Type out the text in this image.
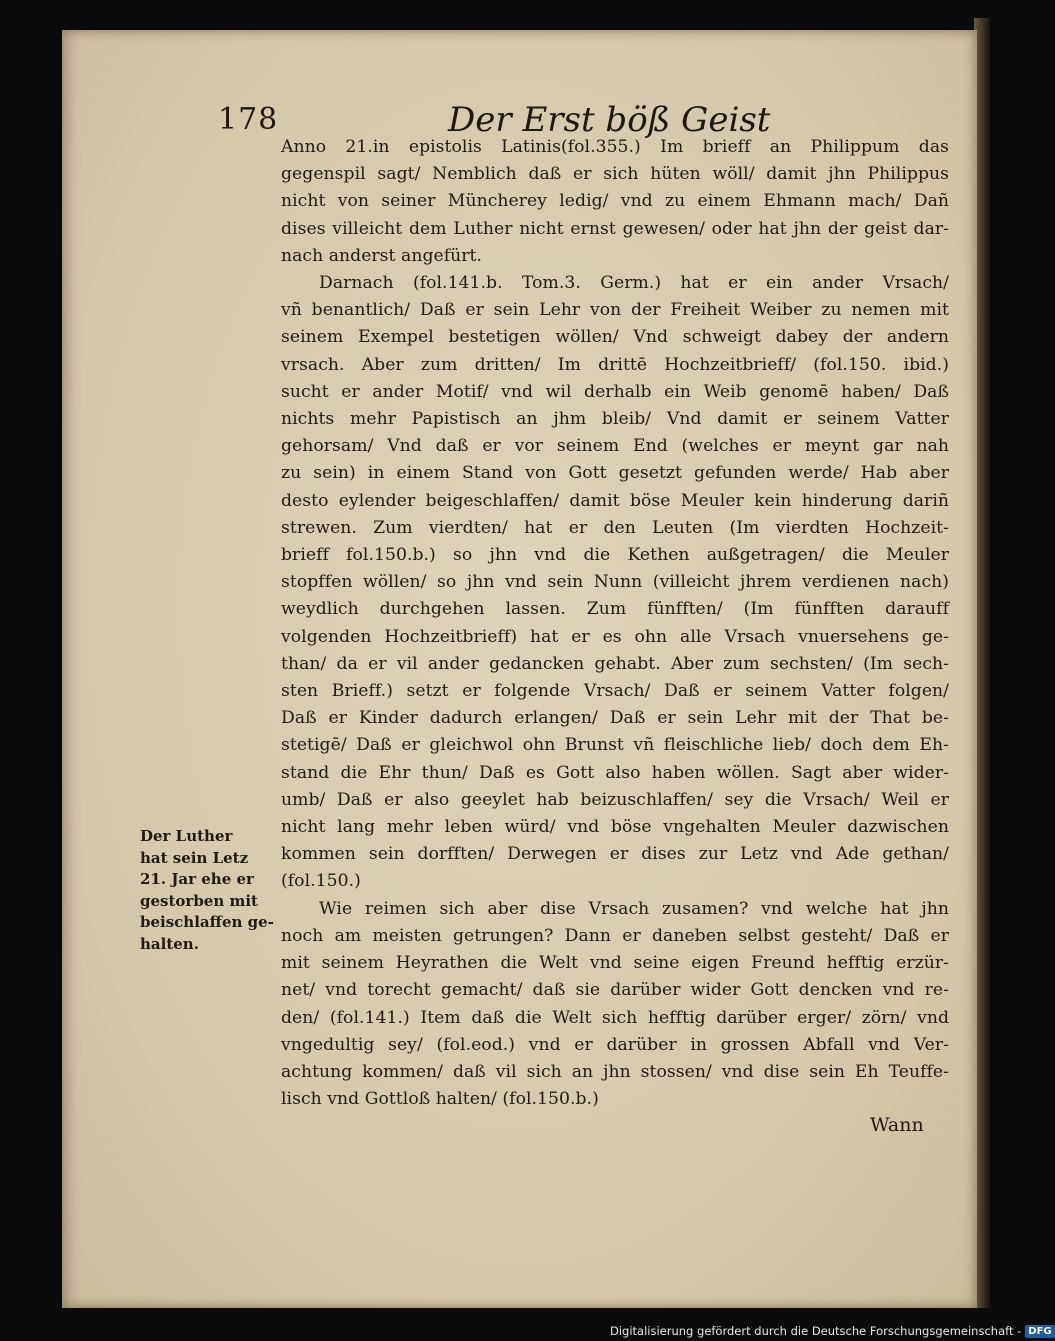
178	Der Erst böß Geist
Anno 21.in epistolis Latinis(fol.355.) Im brieff an Philippum das
gegenspil sagt/ Nemblich daß er sich hüten wöll/ damit jhn Philippus
nicht von seiner Müncherey ledig/ vnd zu einem Ehmann mach/ Dañ
dises villeicht dem Luther nicht ernst gewesen/ oder hat jhn der geist dar-
nach anderst angefürt.
Darnach (fol.141.b. Tom.3. Germ.) hat er ein ander Vrsach/
vñ benantlich/ Daß er sein Lehr von der Freiheit Weiber zu nemen mit
seinem Exempel bestetigen wöllen/ Vnd schweigt dabey der andern
vrsach. Aber zum dritten/ Im drittē Hochzeitbrieff/ (fol.150. ibid.)
sucht er ander Motif/ vnd wil derhalb ein Weib genomē haben/ Daß
nichts mehr Papistisch an jhm bleib/ Vnd damit er seinem Vatter
gehorsam/ Vnd daß er vor seinem End (welches er meynt gar nah
zu sein) in einem Stand von Gott gesetzt gefunden werde/ Hab aber
desto eylender beigeschlaffen/ damit böse Meuler kein hinderung dariñ
strewen. Zum vierdten/ hat er den Leuten (Im vierdten Hochzeit-
brieff fol.150.b.) so jhn vnd die Kethen außgetragen/ die Meuler
stopffen wöllen/ so jhn vnd sein Nunn (villeicht jhrem verdienen nach)
weydlich durchgehen lassen. Zum fünfften/ (Im fünfften darauff
volgenden Hochzeitbrieff) hat er es ohn alle Vrsach vnuersehens ge-
than/ da er vil ander gedancken gehabt. Aber zum sechsten/ (Im sech-
sten Brieff.) setzt er folgende Vrsach/ Daß er seinem Vatter folgen/
Daß er Kinder dadurch erlangen/ Daß er sein Lehr mit der That be-
stetigē/ Daß er gleichwol ohn Brunst vñ fleischliche lieb/ doch dem Eh-
stand die Ehr thun/ Daß es Gott also haben wöllen. Sagt aber wider-
umb/ Daß er also geeylet hab beizuschlaffen/ sey die Vrsach/ Weil er
nicht lang mehr leben würd/ vnd böse vngehalten Meuler dazwischen
kommen sein dorfften/ Derwegen er dises zur Letz vnd Ade gethan/
(fol.150.)
Wie reimen sich aber dise Vrsach zusamen? vnd welche hat jhn
noch am meisten getrungen? Dann er daneben selbst gesteht/ Daß er
mit seinem Heyrathen die Welt vnd seine eigen Freund hefftig erzür-
net/ vnd torecht gemacht/ daß sie darüber wider Gott dencken vnd re-
den/ (fol.141.) Item daß die Welt sich hefftig darüber erger/ zörn/ vnd
vngedultig sey/ (fol.eod.) vnd er darüber in grossen Abfall vnd Ver-
achtung kommen/ daß vil sich an jhn stossen/ vnd dise sein Eh Teuffe-
lisch vnd Gottloß halten/ (fol.150.b.)
Der Luther
hat sein Letz
21. Jar ehe er
gestorben mit
beischlaffen ge-
halten.
Wann
Digitalisierung gefördert durch die Deutsche Forschungsgemeinschaft - DFG
